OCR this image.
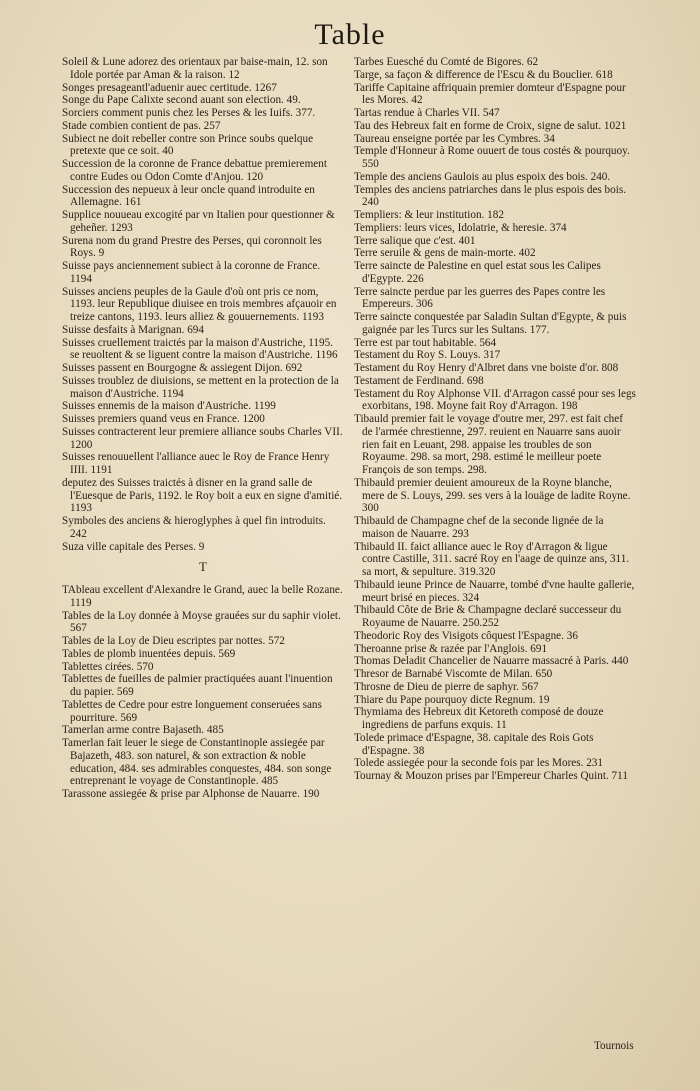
Table

Soleil & Lune adorez des orientaux par baise-main, 12. son Idole portée par Aman & la raison. 12

Songes presageantl'aduenir auec certitude. 1267

Songe du Pape Calixte second auant son election. 49.

Sorciers comment punis chez les Perses & les Iuifs. 377.

Stade combien contient de pas. 257

Subiect ne doit rebeller contre son Prince soubs quelque pretexte que ce soit. 40

Succession de la coronne de France debattue premierement contre Eudes ou Odon Comte d'Anjou. 120

Succession des nepueux à leur oncle quand introduite en Allemagne. 161

Supplice nouueau excogité par vn Italien pour questionner & geheñer. 1293

Surena nom du grand Prestre des Perses, qui coronnoit les Roys. 9

Suisse pays anciennement subiect à la coronne de France. 1194

Suisses anciens peuples de la Gaule d'où ont pris ce nom, 1193. leur Republique diuisee en trois membres afçauoir en treize cantons, 1193. leurs alliez & gouuernements. 1193

Suisse desfaits à Marignan. 694

Suisses cruellement traictés par la maison d'Austriche, 1195. se reuoltent & se liguent contre la maison d'Austriche. 1196

Suisses passent en Bourgogne & assiegent Dijon. 692

Suisses troublez de diuisions, se mettent en la protection de la maison d'Austriche. 1194

Suisses ennemis de la maison d'Austriche. 1199

Suisses premiers quand veus en France. 1200

Suisses contracterent leur premiere alliance soubs Charles VII. 1200

Suisses renouuellent l'alliance auec le Roy de France Henry IIII. 1191

deputez des Suisses traictés à disner en la grand salle de l'Euesque de Paris, 1192. le Roy boit a eux en signe d'amitié. 1193

Symboles des anciens & hieroglyphes à quel fin introduits. 242

Suza ville capitale des Perses. 9

T

TAbleau excellent d'Alexandre le Grand, auec la belle Rozane. 1119

Tables de la Loy donnée à Moyse grauées sur du saphir violet. 567

Tables de la Loy de Dieu escriptes par nottes. 572

Tables de plomb inuentées depuis. 569

Tablettes cirées. 570

Tablettes de fueilles de palmier practiquées auant l'inuention du papier. 569

Tablettes de Cedre pour estre longuement conseruées sans pourriture. 569

Tamerlan arme contre Bajaseth. 485

Tamerlan fait leuer le siege de Constantinople assiegée par Bajazeth, 483. son naturel, & son extraction & noble education, 484. ses admirables conquestes, 484. son songe entreprenant le voyage de Constantinople. 485

Tarassone assiegée & prise par Alphonse de Nauarre. 190

Tarbes Euesché du Comté de Bigores. 62

Targe, sa façon & difference de l'Escu & du Bouclier. 618

Tariffe Capitaine affriquain premier domteur d'Espagne pour les Mores. 42

Tartas rendue à Charles VII. 547

Tau des Hebreux fait en forme de Croix, signe de salut. 1021

Taureau enseigne portée par les Cymbres. 34

Temple d'Honneur à Rome ouuert de tous costés & pourquoy. 550

Temple des anciens Gaulois au plus espoix des bois. 240.

Temples des anciens patriarches dans le plus espois des bois. 240

Templiers: & leur institution. 182

Templiers: leurs vices, Idolatrie, & heresie. 374

Terre salique que c'est. 401

Terre seruile & gens de main-morte. 402

Terre saincte de Palestine en quel estat sous les Calipes d'Egypte. 226

Terre saincte perdue par les guerres des Papes contre les Empereurs. 306

Terre saincte conquestée par Saladin Sultan d'Egypte, & puis gaignée par les Turcs sur les Sultans. 177.

Terre est par tout habitable. 564

Testament du Roy S. Louys. 317

Testament du Roy Henry d'Albret dans vne boiste d'or. 808

Testament de Ferdinand. 698

Testament du Roy Alphonse VII. d'Arragon cassé pour ses legs exorbitans, 198. Moyne fait Roy d'Arragon. 198

Tibauld premier fait le voyage d'outre mer, 297. est fait chef de l'armée chrestienne, 297. reuient en Nauarre sans auoir rien fait en Leuant, 298. appaise les troubles de son Royaume. 298. sa mort, 298. estimé le meilleur poete François de son temps. 298.

Thibauld premier deuient amoureux de la Royne blanche, mere de S. Louys, 299. ses vers à la louäge de ladite Royne. 300

Thibauld de Champagne chef de la seconde lignée de la maison de Nauarre. 293

Thibauld II. faict alliance auec le Roy d'Arragon & ligue contre Castille, 311. sacré Roy en l'aage de quinze ans, 311. sa mort, & sepulture. 319.320

Thibauld ieune Prince de Nauarre, tombé d'vne haulte gallerie, meurt brisé en pieces. 324

Thibauld Côte de Brie & Champagne declaré successeur du Royaume de Nauarre. 250.252

Theodoric Roy des Visigots côquest l'Espagne. 36

Theroanne prise & razée par l'Anglois. 691

Thomas Deladit Chancelier de Nauarre massacré à Paris. 440

Thresor de Barnabé Viscomte de Milan. 650

Throsne de Dieu de pierre de saphyr. 567

Thiare du Pape pourquoy dicte Regnum. 19

Thymiama des Hebreux dit Ketoreth composé de douze ingrediens de parfuns exquis. 11

Tolede primace d'Espagne, 38. capitale des Rois Gots d'Espagne. 38

Tolede assiegée pour la seconde fois par les Mores. 231

Tournay & Mouzon prises par l'Empereur Charles Quint. 711

Tournois
